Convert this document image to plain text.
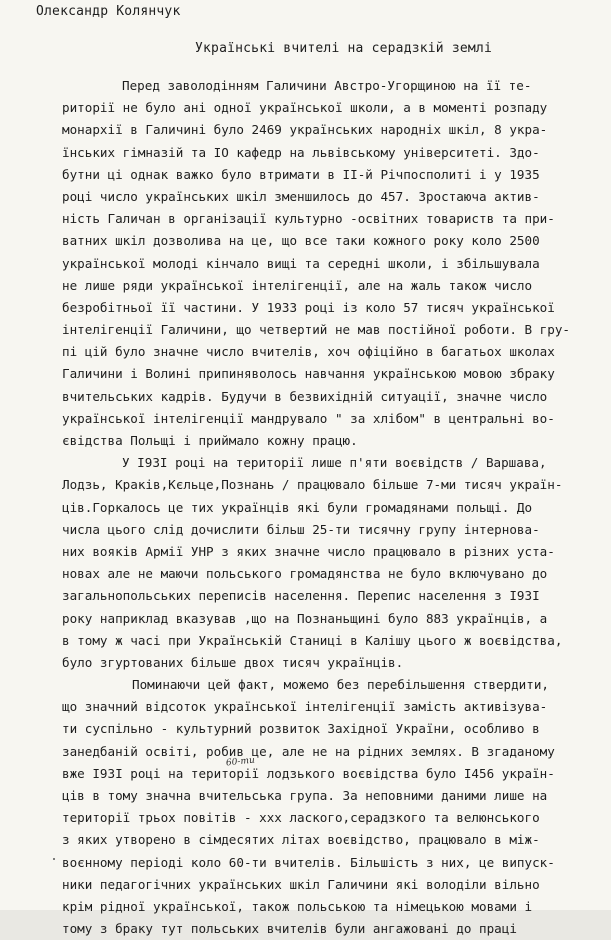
Олександр Колянчук
Українські вчителі на серадзкій землі
Перед заволодінням Галичини Австро-Угорщиною на її те-
риторії не було ані одної української школи, а в моменті розпаду
монархії в Галичині було 2469 українських народніх шкіл, 8 укра-
їнських гімназій та ІО кафедр на львівському університеті. Здо-
бутни ці однак важко було втримати в ІІ-й Річпосполиті і у 1935
році число українських шкіл зменшилось до 457. Зростаюча актив-
ність Галичан в організації культурно -освітних товариств та при-
ватних шкіл дозволива на це, що все таки кожного року коло 2500
української молоді кінчало вищі та середні школи, і збільшувала
не лише ряди української інтелігенції, але на жаль також число
безробітньої її частини. У 1933 році із коло 57 тисяч української
інтелігенції Галичини, що четвертий не мав постійної роботи. В гру-
пі цій було значне число вчителів, хоч офіційно в багатьох школах
Галичини і Волині припиняволось навчання українською мовою збраку
вчительських кадрів. Будучи в безвихідній ситуації, значне число
української інтелігенції мандрувало " за хлібом" в центральні во-
євідства Польщі і приймало кожну працю.
У І93І році на території лише п'яти воєвідств / Варшава,
Лодзь, Краків,Кєльце,Познань / працювало більше 7-ми тисяч україн-
ців.Горкалось це тих українців які були громадянами польщі. До
числа цього слід дочислити більш 25-ти тисячну групу інтернова-
них вояків Армії УНР з яких значне число працювало в різних уста-
новах але не маючи польського громадянства не було включувано до
загальнопольських переписів населення. Перепис населення з І93І
року наприклад вказував ,що на Познаньщині було 883 українців, а
в тому ж часі при Українській Станиці в Калішу цього ж воєвідства,
було згуртованих більше двох тисяч українців.
Поминаючи цей факт, можемо без перебільшення ствердити,
що значний відсоток української інтелігенції замість активізува-
ти суспільно - культурний розвиток Західної України, особливо в
занедбаній освіті, робив це, але не на рідних землях. В згаданому
вже І93І році на території лодзького воєвідства було І456 україн-
ців в тому значна вчительська група. За неповними даними лише на
території трьох повітів - ххх лаского,серадзкого та велюнського
з яких утворено в сімдесятих літах воєвідство, працювало в між-
воєнному періоді коло 60-ти вчителів. Більшість з них, це випуск-
ники педагогічних українських шкіл Галичини які володіли вільно
крім рідної української, також польською та німецькою мовами і
тому з браку тут польських вчителів були ангажовані до праці
60-ти
